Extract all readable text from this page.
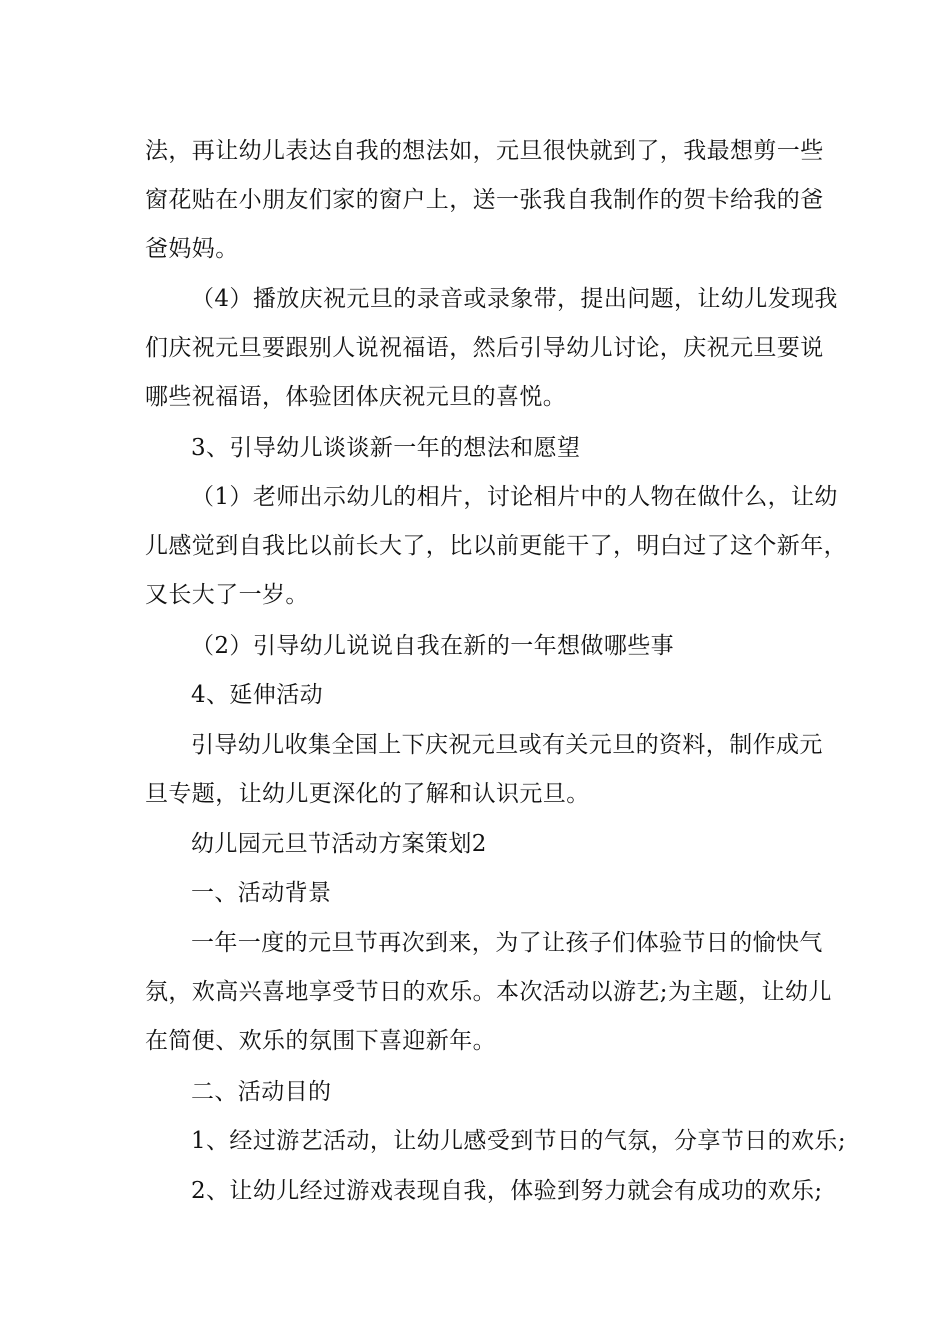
法，再让幼儿表达自我的想法如，元旦很快就到了，我最想剪一些
窗花贴在小朋友们家的窗户上，送一张我自我制作的贺卡给我的爸
爸妈妈。
（4）播放庆祝元旦的录音或录象带，提出问题，让幼儿发现我
们庆祝元旦要跟别人说祝福语，然后引导幼儿讨论，庆祝元旦要说
哪些祝福语，体验团体庆祝元旦的喜悦。
3、引导幼儿谈谈新一年的想法和愿望
（1）老师出示幼儿的相片，讨论相片中的人物在做什么，让幼
儿感觉到自我比以前长大了，比以前更能干了，明白过了这个新年，
又长大了一岁。
（2）引导幼儿说说自我在新的一年想做哪些事
4、延伸活动
引导幼儿收集全国上下庆祝元旦或有关元旦的资料，制作成元
旦专题，让幼儿更深化的了解和认识元旦。
幼儿园元旦节活动方案策划2
一、活动背景
一年一度的元旦节再次到来，为了让孩子们体验节日的愉快气
氛，欢高兴喜地享受节日的欢乐。本次活动以游艺;为主题，让幼儿
在简便、欢乐的氛围下喜迎新年。
二、活动目的
1、经过游艺活动，让幼儿感受到节日的气氛，分享节日的欢乐;
2、让幼儿经过游戏表现自我，体验到努力就会有成功的欢乐;
